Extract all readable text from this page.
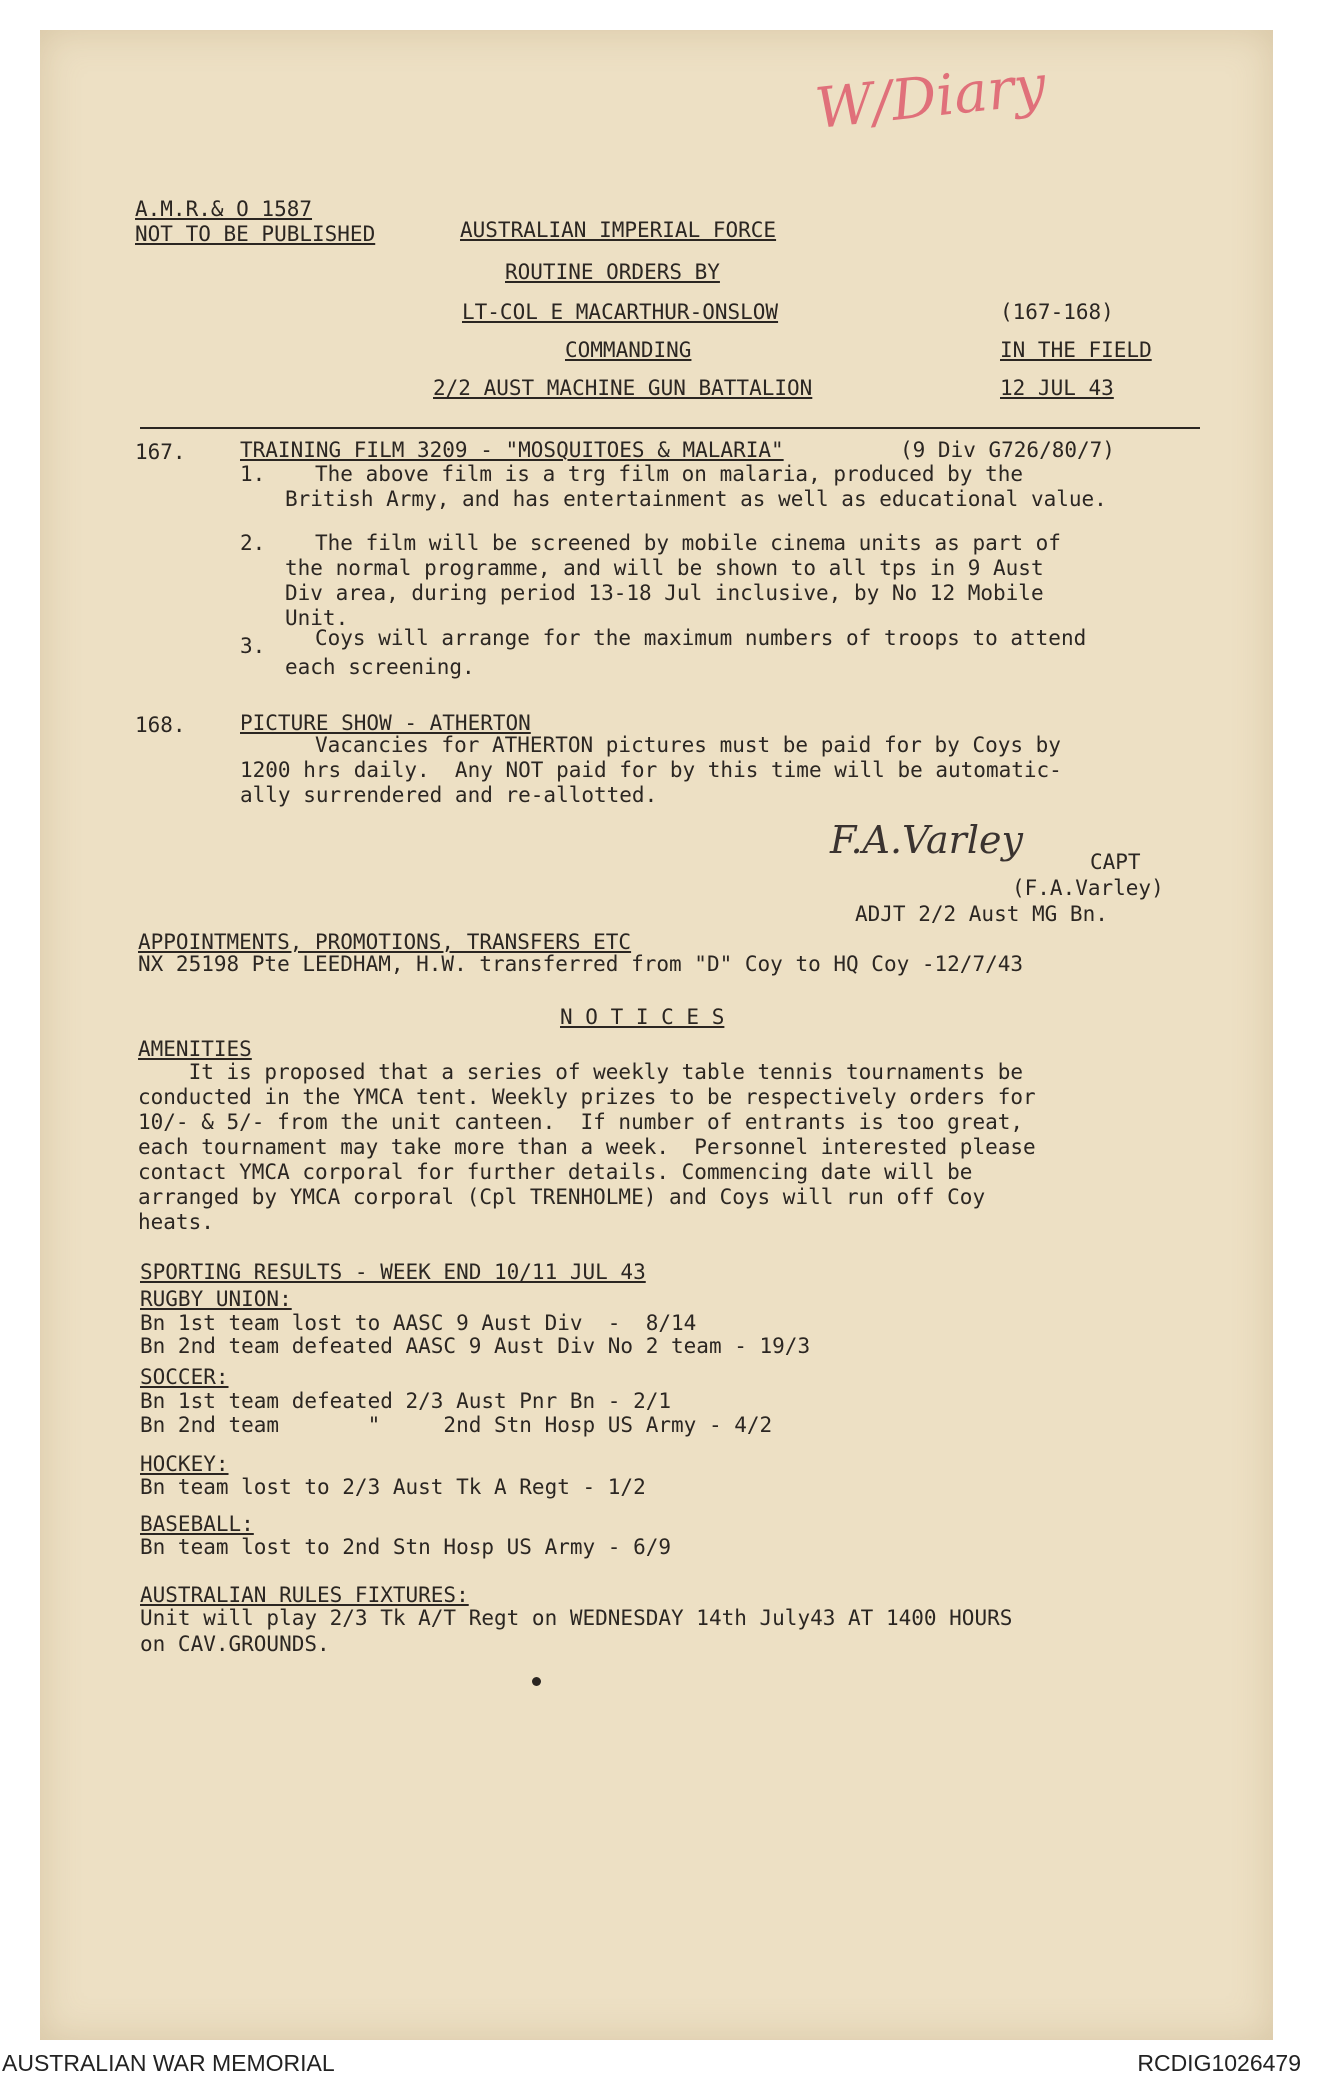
W/Diary
A.M.R.& O 1587
NOT TO BE PUBLISHED	AUSTRALIAN IMPERIAL FORCE
ROUTINE ORDERS BY
LT-COL E MACARTHUR-ONSLOW
COMMANDING
2/2 AUST MACHINE GUN BATTALION
(167-168)
IN THE FIELD
12 JUL 43
167.	TRAINING FILM 3209 - "MOSQUITOES & MALARIA"	(9 Div G726/80/7)
1. The above film is a trg film on malaria, produced by the
British Army, and has entertainment as well as educational value.
2. The film will be screened by mobile cinema units as part of
the normal programme, and will be shown to all tps in 9 Aust
Div area, during period 13-18 Jul inclusive, by No 12 Mobile
Unit.
3. Coys will arrange for the maximum numbers of troops to attend
each screening.
168.	PICTURE SHOW - ATHERTON
Vacancies for ATHERTON pictures must be paid for by Coys by
1200 hrs daily.  Any NOT paid for by this time will be automatic-
ally surrendered and re-allotted.
F.A.Varley	CAPT
(F.A.Varley)
ADJT 2/2 Aust MG Bn.
APPOINTMENTS, PROMOTIONS, TRANSFERS ETC
NX 25198 Pte LEEDHAM, H.W. transferred from "D" Coy to HQ Coy -12/7/43
N O T I C E S
AMENITIES
It is proposed that a series of weekly table tennis tournaments be
conducted in the YMCA tent. Weekly prizes to be respectively orders for
10/- & 5/- from the unit canteen.  If number of entrants is too great,
each tournament may take more than a week.  Personnel interested please
contact YMCA corporal for further details. Commencing date will be
arranged by YMCA corporal (Cpl TRENHOLME) and Coys will run off Coy
heats.
SPORTING RESULTS - WEEK END 10/11 JUL 43
RUGBY UNION:
Bn 1st team lost to AASC 9 Aust Div  -  8/14
Bn 2nd team defeated AASC 9 Aust Div No 2 team - 19/3
SOCCER:
Bn 1st team defeated 2/3 Aust Pnr Bn - 2/1
Bn 2nd team       "     2nd Stn Hosp US Army - 4/2
HOCKEY:
Bn team lost to 2/3 Aust Tk A Regt - 1/2
BASEBALL:
Bn team lost to 2nd Stn Hosp US Army - 6/9
AUSTRALIAN RULES FIXTURES:
Unit will play 2/3 Tk A/T Regt on WEDNESDAY 14th July43 AT 1400 HOURS
on CAV.GROUNDS.
AUSTRALIAN WAR MEMORIAL	RCDIG1026479
